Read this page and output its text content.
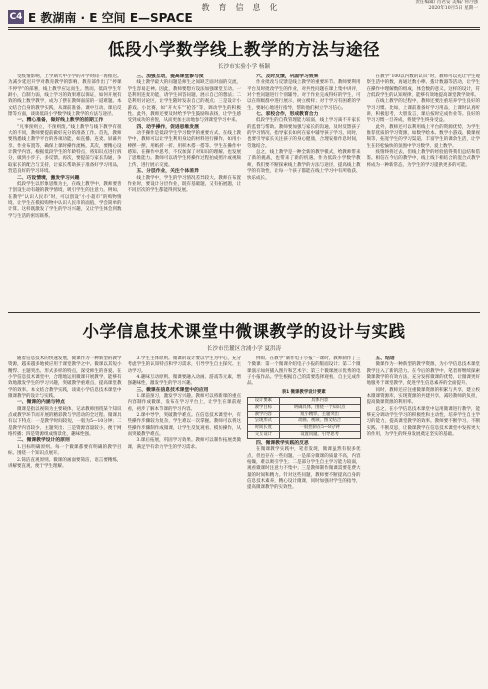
教育信息化
责任编辑/ 肖君安 美编/ 何月强
2020年10月5日 星期一
C4 E 教湖南 · E 空间 E—SPACE
低段小学数学线上教学的方法与途径
长沙市实验小学 杨颖

受疫情影响，上学期大中小学的开学时间一再推迟。为减少延迟开学对教育教学的影响，教育部作出了“停课不停学”的部署，线上教学应运而生。然而，低段学生年龄小，自制力弱，线上学习的效果难以保证，如何开展有效的线上数学教学，成为了摆在教师面前的一道难题。本文结合自身的教学实践，从课前准备、课中互动、课后反馈等方面，谈谈低段小学数学线上教学的方法与途径。

一、精心准备，做好线上教学的前期工作

“凡事预则立，不预则废。”线上教学与线下教学有很大的不同，教师要提前做好充分的准备工作。首先，教师要熟悉线上教学平台的各项功能，如直播、连麦、屏幕共享、作业布置等，确保上课时操作流畅。其次，要精心设计教学内容，根据低段学生的年龄特点，将知识点进行拆分，做到小步子、多反馈。再次，要提前与家长沟通，争取家长的配合与支持，让家长帮助孩子准备好学习用品，营造良好的学习环境。

二、巧设情境，激发学习兴趣

低段学生以形象思维为主，在线上教学中，教师要善于创设生动有趣的教学情境，吸引学生的注意力。例如，在教学“认识人民币”时，可以创设“小小超市”的购物情境，让学生在模拟购物中认识人民币的面值，学会简单的计算。这样既激发了学生的学习兴趣，又让学生体会到数学与生活的密切联系。

三、加强互动，提高课堂参与度

线上教学最大的问题是师生之间缺乏面对面的交流，学生容易走神。因此，教师要想方设法加强课堂互动。一是利用连麦功能，请学生回答问题，展示自己的想法；二是利用讨论区，让学生随时发表自己的观点；三是设计小游戏、小比赛，如“开火车”“抢答”等，调动学生的积极性。此外，教师还要及时给予学生鼓励和表扬，让学生感受到成功的喜悦，从而更加主动地参与到课堂学习中来。

四、动手操作，促进思维发展

动手操作是低段学生学习数学的重要方式。在线上教学中，教师可以让学生利用身边的材料进行操作，如用小棒摆一摆、用纸折一折、用积木搭一搭等。学生在操作中感知、在操作中思考，不仅加深了对知识的理解，也发展了思维能力。教师可以请学生将操作过程拍成照片或视频上传，进行展示交流。

五、分层作业，关注个体差异

线上教学中，学生的学习情况差异较大。教师在布置作业时，要设计分层作业，既有基础题，又有拓展题，让不同层次的学生都能得到发展。

六、及时反馈，巩固学习效果

作业批改与反馈是线上教学的重要环节。教师要利用平台及时批改学生的作业，对共性问题在课上集中讲评，对个性问题进行个别辅导。对于作业完成得好的学生，可以在班级群中进行展示，树立榜样；对于学习有困难的学生，要耐心地进行指导，帮助他们树立学习信心。

七、家校合作，形成教育合力

低段学生的自我管理能力较弱，线上学习离不开家长的监督与帮助。教师要加强与家长的沟通，及时反馈孩子的学习情况，指导家长如何在家中辅导孩子学习。同时，也要引导家长关注孩子的身心健康，合理安排作息时间，劳逸结合。

总之，线上教学是一种全新的教学模式，给教师带来了新的挑战，也带来了新的机遇。作为低段小学数学教师，我们要不断探索线上教学的方法与途径，提高线上教学的有效性，让每一个孩子都能在线上学习中有所收获、快乐成长。

在教学“100以内数的认识”时，教师可以先让学生观察生活中的数，再通过数小棒、拨计数器等活动，让学生在操作中理解数的组成，体会数的意义。这样的设计，符合低段学生的认知规律，能够有效地提高课堂教学效率。

在线上教学的过程中，教师还要注重培养学生良好的学习习惯。比如，上课前准备好学习用品，上课时认真听讲，积极思考，大胆发言，课后按时完成作业等。良好的学习习惯一旦养成，将使学生终身受益。

此外，教师还可以利用线上平台的资源优势，为学生推荐优质的学习资源，如数学绘本、数学小游戏、微课视频等，拓宽学生的学习渠道，丰富学生的课余生活，让学生在轻松愉快的氛围中学习数学、爱上数学。

疫情终将过去，但线上教学的经验值得我们总结和借鉴。相信在今后的教学中，线上线下相结合的混合式教学将成为一种新常态，为学生的学习提供更多的可能。

小学信息技术课堂中微课教学的设计与实践
长沙市岳麓区含浦小学 夏洪涛

随着信息技术的快速发展，微课作为一种新型的教学资源，越来越多地被应用于课堂教学之中。微课以其短小精悍、主题突出、形式多样的特点，深受师生的喜爱。在小学信息技术课堂中，合理地运用微课开展教学，能够有效地激发学生的学习兴趣，突破教学重难点，提高课堂教学的效率。本文结合教学实践，谈谈小学信息技术课堂中微课教学的设计与实践。

一、微课的内涵与特点

微课是指以视频为主要载体，记录教师围绕某个知识点或教学环节而开展的精彩教与学活动的全过程。微课具有以下特点：一是教学时间较短，一般为5—10分钟；二是教学内容较少，主题突出；三是资源容量较小，便于网络传播；四是资源组成情景化，趣味性强。

二、微课教学设计的原则

1.目标明确原则。每一个微课都要有明确的教学目标，围绕一个知识点展开。

2.简洁直观原则。微课的画面要简洁，语言要精练，讲解要直观，便于学生理解。

3.学生主体原则。微课的设计要以学生为中心，充分考虑学生的认知特点和学习需求，引导学生自主探究、主动学习。

4.趣味互动原则。微课要融入动画、游戏等元素，增强趣味性，激发学生的学习兴趣。

三、微课在信息技术课堂中的应用

1.课前预习，激发学习兴趣。教师可以将新课的重点内容制作成微课，发布在学习平台上，让学生在课前观看，初步了解本节课的学习内容。

2.课中导学，突破教学难点。在信息技术课堂中，有些操作步骤较为复杂，学生难以一次掌握。教师可以将这些操作步骤制作成微课，让学生反复观看、模仿操作，从而突破教学难点。

3.课后拓展，巩固学习效果。教师可以制作拓展类微课，满足学有余力学生的学习需求。

例如，在教学“制作电子小报”一课时，教师制作了三个微课：第一个微课介绍电子小报的版面设计；第二个微课演示如何插入图片和艺术字；第三个微课展示优秀的电子小报作品。学生根据自己的需要选择观看，自主完成作品。

表1 微课教学设计要素
设计要素	具体内容
教学目标	明确具体，围绕一个知识点
教学内容	短小精悍，主题突出
呈现形式	动画、视频、图文结合
时间长度	一般控制在5—8分钟
交互设计	设置问题，引导思考

四、微课教学实践的反思

在微课教学实践中，笔者发现，微课虽然有很多优点，但也存在一些问题。一是部分微课的质量不高，内容枯燥，难以吸引学生；二是部分学生自主学习能力较弱，观看微课时注意力不集中；三是教师制作微课需要花费大量的时间和精力。针对这些问题，教师要不断提高自身的信息技术素养，精心设计微课，同时加强对学生的指导，提高微课教学的实效性。

五、结语

微课作为一种新型的教学资源，为小学信息技术课堂教学注入了新的活力。在今后的教学中，笔者将继续探索微课教学的有效方法，充分发挥微课的优势，让微课更好地服务于课堂教学，促进学生信息素养的全面提升。

同时，教师还应注重微课资源的积累与共享，建立校本微课资源库，实现资源的共建共享，减轻教师的负担，提高微课资源的利用率。

总之，在小学信息技术课堂中运用微课进行教学，能够充分调动学生学习的积极性和主动性，培养学生自主学习的能力，提高课堂教学的效率。教师要不断学习、不断实践、不断反思，让微课教学在信息技术课堂中发挥更大的作用，为学生的终身发展奠定坚实的基础。
